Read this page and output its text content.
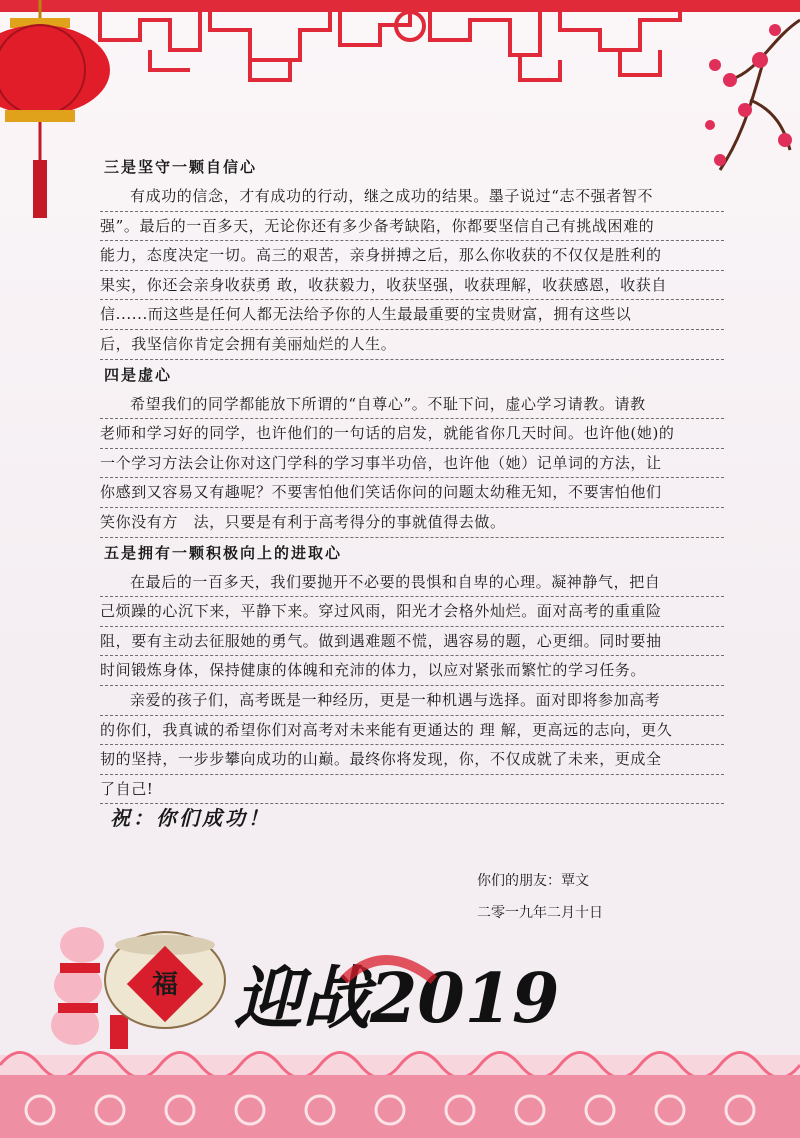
三是坚守一颗自信心
有成功的信念，才有成功的行动，继之成功的结果。墨子说过“志不强者智不
强”。最后的一百多天，无论你还有多少备考缺陷，你都要坚信自己有挑战困难的
能力，态度决定一切。高三的艰苦，亲身拼搏之后，那么你收获的不仅仅是胜利的
果实，你还会亲身收获勇 敢，收获毅力，收获坚强，收获理解，收获感恩，收获自
信......而这些是任何人都无法给予你的人生最最重要的宝贵财富，拥有这些以
后，我坚信你肯定会拥有美丽灿烂的人生。
四是虚心
希望我们的同学都能放下所谓的“自尊心”。不耻下问，虚心学习请教。请教
老师和学习好的同学，也许他们的一句话的启发，就能省你几天时间。也许他(她)的
一个学习方法会让你对这门学科的学习事半功倍，也许他（她）记单词的方法，让
你感到又容易又有趣呢？不要害怕他们笑话你问的问题太幼稚无知，不要害怕他们
笑你没有方　法，只要是有利于高考得分的事就值得去做。
五是拥有一颗积极向上的进取心
在最后的一百多天，我们要抛开不必要的畏惧和自卑的心理。凝神静气，把自
己烦躁的心沉下来，平静下来。穿过风雨，阳光才会格外灿烂。面对高考的重重险
阻，要有主动去征服她的勇气。做到遇难题不慌，遇容易的题，心更细。同时要抽
时间锻炼身体，保持健康的体魄和充沛的体力，以应对紧张而繁忙的学习任务。
亲爱的孩子们，高考既是一种经历，更是一种机遇与选择。面对即将参加高考
的你们，我真诚的希望你们对高考对未来能有更通达的 理 解，更高远的志向，更久
韧的坚持，一步步攀向成功的山巅。最终你将发现，你，不仅成就了未来，更成全
了自己!
祝：你们成功！
你们的朋友：覃文
二零一九年二月十日
福 迎战2019
